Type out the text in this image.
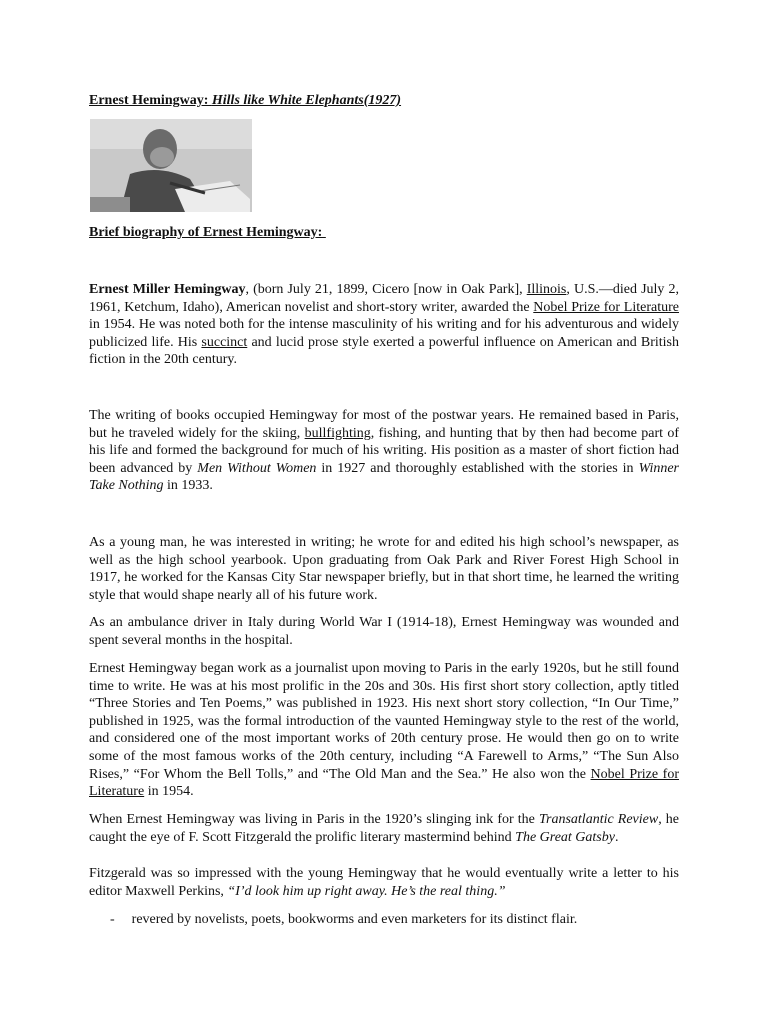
Ernest Hemingway: Hills like White Elephants(1927)
Brief biography of Ernest Hemingway:

Ernest Miller Hemingway, (born July 21, 1899, Cicero [now in Oak Park], Illinois, U.S.—died July 2, 1961, Ketchum, Idaho), American novelist and short-story writer, awarded the Nobel Prize for Literature in 1954. He was noted both for the intense masculinity of his writing and for his adventurous and widely publicized life. His succinct and lucid prose style exerted a powerful influence on American and British fiction in the 20th century.

The writing of books occupied Hemingway for most of the postwar years. He remained based in Paris, but he traveled widely for the skiing, bullfighting, fishing, and hunting that by then had become part of his life and formed the background for much of his writing. His position as a master of short fiction had been advanced by Men Without Women in 1927 and thoroughly established with the stories in Winner Take Nothing in 1933.

As a young man, he was interested in writing; he wrote for and edited his high school’s newspaper, as well as the high school yearbook. Upon graduating from Oak Park and River Forest High School in 1917, he worked for the Kansas City Star newspaper briefly, but in that short time, he learned the writing style that would shape nearly all of his future work.

As an ambulance driver in Italy during World War I (1914-18), Ernest Hemingway was wounded and spent several months in the hospital.

Ernest Hemingway began work as a journalist upon moving to Paris in the early 1920s, but he still found time to write. He was at his most prolific in the 20s and 30s. His first short story collection, aptly titled “Three Stories and Ten Poems,” was published in 1923. His next short story collection, “In Our Time,” published in 1925, was the formal introduction of the vaunted Hemingway style to the rest of the world, and considered one of the most important works of 20th century prose. He would then go on to write some of the most famous works of the 20th century, including “A Farewell to Arms,” “The Sun Also Rises,” “For Whom the Bell Tolls,” and “The Old Man and the Sea.” He also won the Nobel Prize for Literature in 1954.

When Ernest Hemingway was living in Paris in the 1920’s slinging ink for the Transatlantic Review, he caught the eye of F. Scott Fitzgerald the prolific literary mastermind behind The Great Gatsby.

Fitzgerald was so impressed with the young Hemingway that he would eventually write a letter to his editor Maxwell Perkins, “I’d look him up right away. He’s the real thing.”

- revered by novelists, poets, bookworms and even marketers for its distinct flair.
